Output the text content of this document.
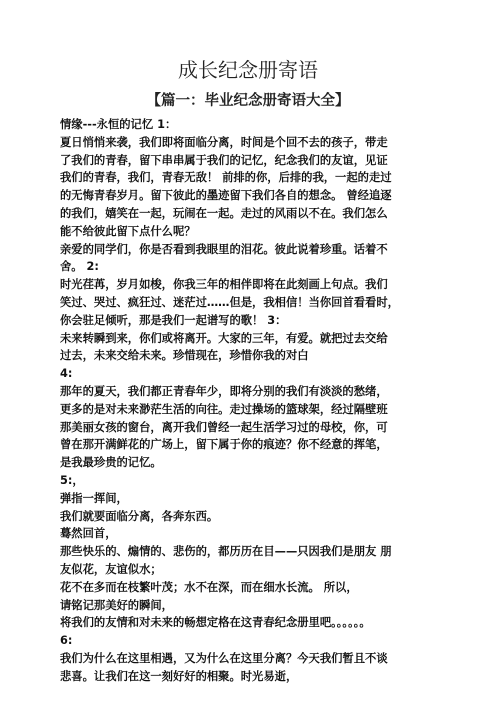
成长纪念册寄语
【篇一：毕业纪念册寄语大全】
情缘---永恒的记忆 1：
夏日悄悄来袭，我们即将面临分离，时间是个回不去的孩子，带走
了我们的青春，留下串串属于我们的记忆，纪念我们的友谊，见证
我们的青春，我们，青春无敌！ 前排的你，后排的我，一起的走过
的无悔青春岁月。留下彼此的墨迹留下我们各自的想念。 曾经追逐
的我们，嬉笑在一起，玩闹在一起。走过的风雨以不在。我们怎么
能不给彼此留下点什么呢？
亲爱的同学们，你是否看到我眼里的泪花。彼此说着珍重。话着不
舍。 2:
时光荏苒，岁月如梭，你我三年的相伴即将在此刻画上句点。我们
笑过、哭过、疯狂过、迷茫过……但是，我相信！当你回首看看时，
你会驻足倾听，那是我们一起谱写的歌！ 3：
未来转瞬到来，你们或将离开。大家的三年，有爱。就把过去交给
过去，未来交给未来。珍惜现在，珍惜你我的对白
4:
那年的夏天，我们都正青春年少，即将分别的我们有淡淡的愁绪，
更多的是对未来渺茫生活的向往。走过操场的篮球架，经过隔壁班
那美丽女孩的窗台，离开我们曾经一起生活学习过的母校，你，可
曾在那开满鲜花的广场上，留下属于你的痕迹？你不经意的挥笔，
是我最珍贵的记忆。
5:，
弹指一挥间，
我们就要面临分离，各奔东西。
蓦然回首，
那些快乐的、煽情的、悲伤的，都历历在目——只因我们是朋友 朋
友似花，友谊似水；
花不在多而在枝繁叶茂；水不在深，而在细水长流。 所以，
请铭记那美好的瞬间，
将我们的友情和对未来的畅想定格在这青春纪念册里吧。。。。。。
6:
我们为什么在这里相遇，又为什么在这里分离？今天我们暂且不谈
悲喜。让我们在这一刻好好的相聚。时光易逝，
